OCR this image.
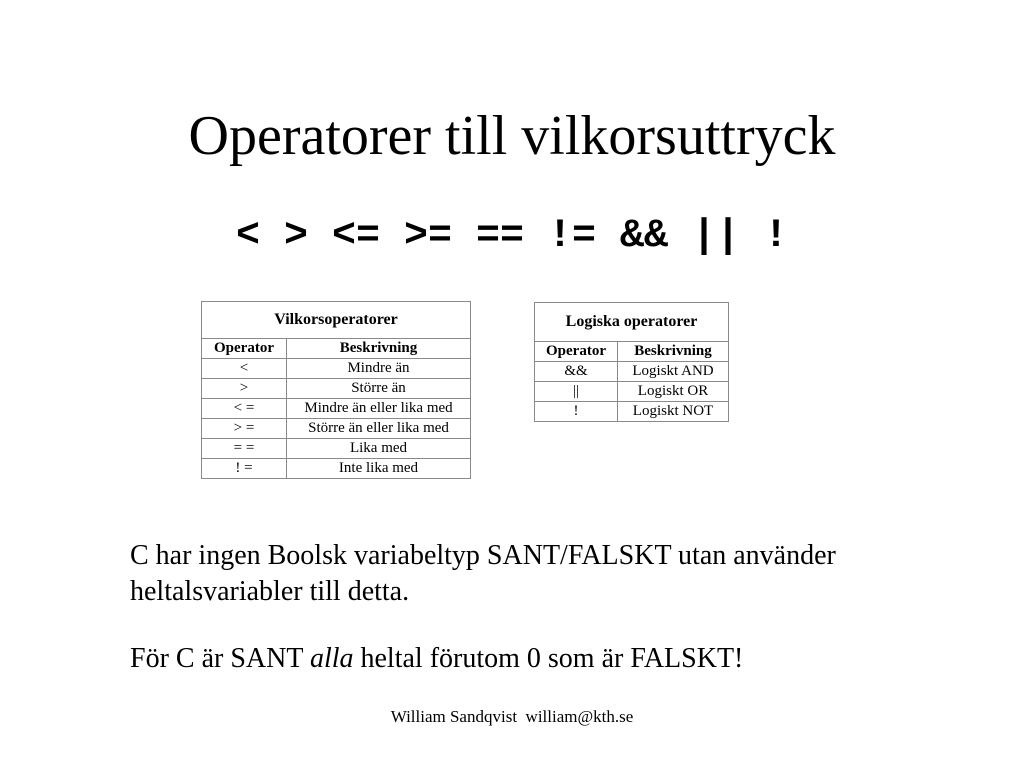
Operatorer till vilkorsuttryck
< > <= >= == != && || !
Vilkorsoperatorer	
Operator	Beskrivning
<	Mindre än
>	Större än
< =	Mindre än eller lika med
> =	Större än eller lika med
= =	Lika med
! =	Inte lika med
Logiska operatorer	
Operator	Beskrivning
&&	Logiskt AND
||	Logiskt OR
!	Logiskt NOT

C har ingen Boolsk variabeltyp SANT/FALSKT utan använder heltalsvariabler till detta.

För C är SANT alla heltal förutom 0 som är FALSKT!

William Sandqvist  william@kth.se
